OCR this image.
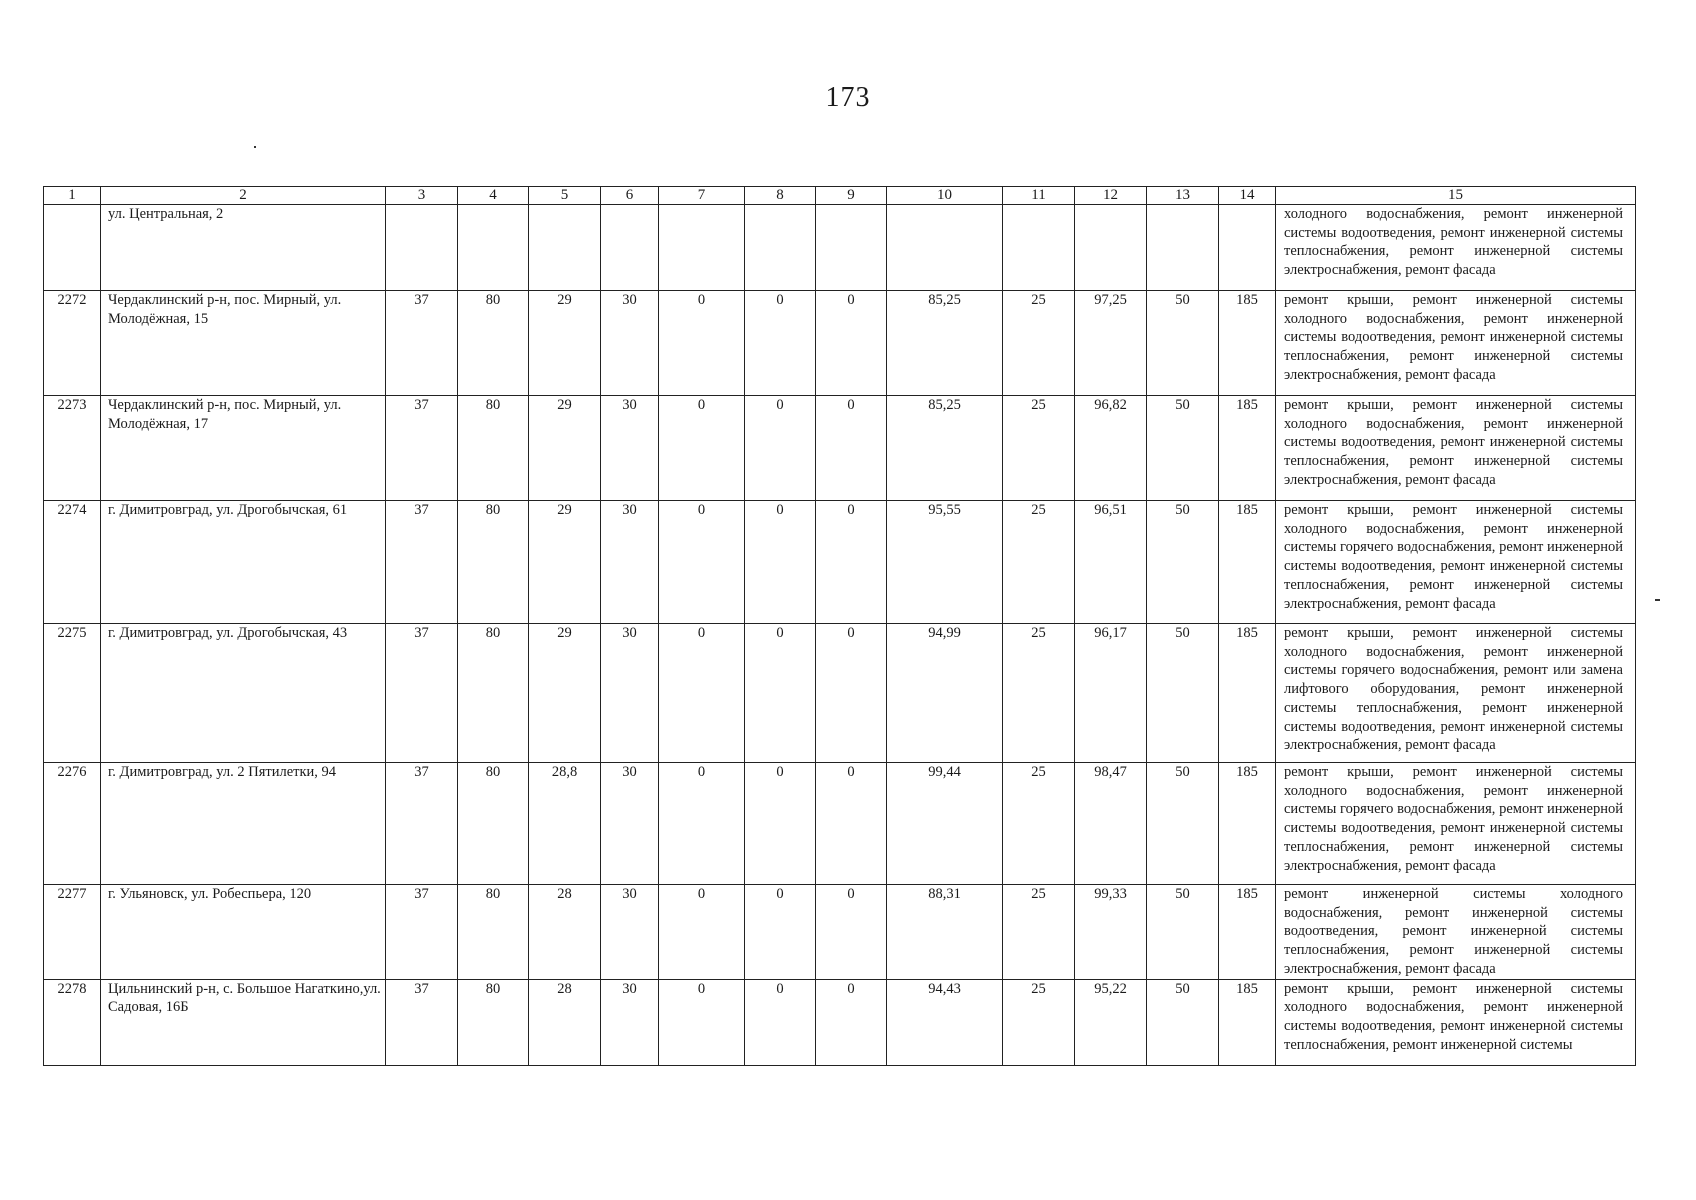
173
1	2	3	4	5	6	7	8	9	10	11	12	13	14	15
	ул. Центральная, 2													холодного водоснабжения, ремонт инженерной системы водоотведения, ремонт инженерной системы теплоснабжения, ремонт инженерной системы электроснабжения, ремонт фасада
2272	Чердаклинский р-н, пос. Мирный, ул. Молодёжная, 15	37	80	29	30	0	0	0	85,25	25	97,25	50	185	ремонт крыши, ремонт инженерной системы холодного водоснабжения, ремонт инженерной системы водоотведения, ремонт инженерной системы теплоснабжения, ремонт инженерной системы электроснабжения, ремонт фасада
2273	Чердаклинский р-н, пос. Мирный, ул. Молодёжная, 17	37	80	29	30	0	0	0	85,25	25	96,82	50	185	ремонт крыши, ремонт инженерной системы холодного водоснабжения, ремонт инженерной системы водоотведения, ремонт инженерной системы теплоснабжения, ремонт инженерной системы электроснабжения, ремонт фасада
2274	г. Димитровград, ул. Дрогобычская, 61	37	80	29	30	0	0	0	95,55	25	96,51	50	185	ремонт крыши, ремонт инженерной системы холодного водоснабжения, ремонт инженерной системы горячего водоснабжения, ремонт инженерной системы водоотведения, ремонт инженерной системы теплоснабжения, ремонт инженерной системы электроснабжения, ремонт фасада
2275	г. Димитровград, ул. Дрогобычская, 43	37	80	29	30	0	0	0	94,99	25	96,17	50	185	ремонт крыши, ремонт инженерной системы холодного водоснабжения, ремонт инженерной системы горячего водоснабжения, ремонт или замена лифтового оборудования, ремонт инженерной системы теплоснабжения, ремонт инженерной системы водоотведения, ремонт инженерной системы электроснабжения, ремонт фасада
2276	г. Димитровград, ул. 2 Пятилетки, 94	37	80	28,8	30	0	0	0	99,44	25	98,47	50	185	ремонт крыши, ремонт инженерной системы холодного водоснабжения, ремонт инженерной системы горячего водоснабжения, ремонт инженерной системы водоотведения, ремонт инженерной системы теплоснабжения, ремонт инженерной системы электроснабжения, ремонт фасада
2277	г. Ульяновск, ул. Робеспьера, 120	37	80	28	30	0	0	0	88,31	25	99,33	50	185	ремонт инженерной системы холодного водоснабжения, ремонт инженерной системы водоотведения, ремонт инженерной системы теплоснабжения, ремонт инженерной системы электроснабжения, ремонт фасада
2278	Цильнинский р-н, с. Большое Нагаткино,ул. Садовая, 16Б	37	80	28	30	0	0	0	94,43	25	95,22	50	185	ремонт крыши, ремонт инженерной системы холодного водоснабжения, ремонт инженерной системы водоотведения, ремонт инженерной системы теплоснабжения, ремонт инженерной системы
